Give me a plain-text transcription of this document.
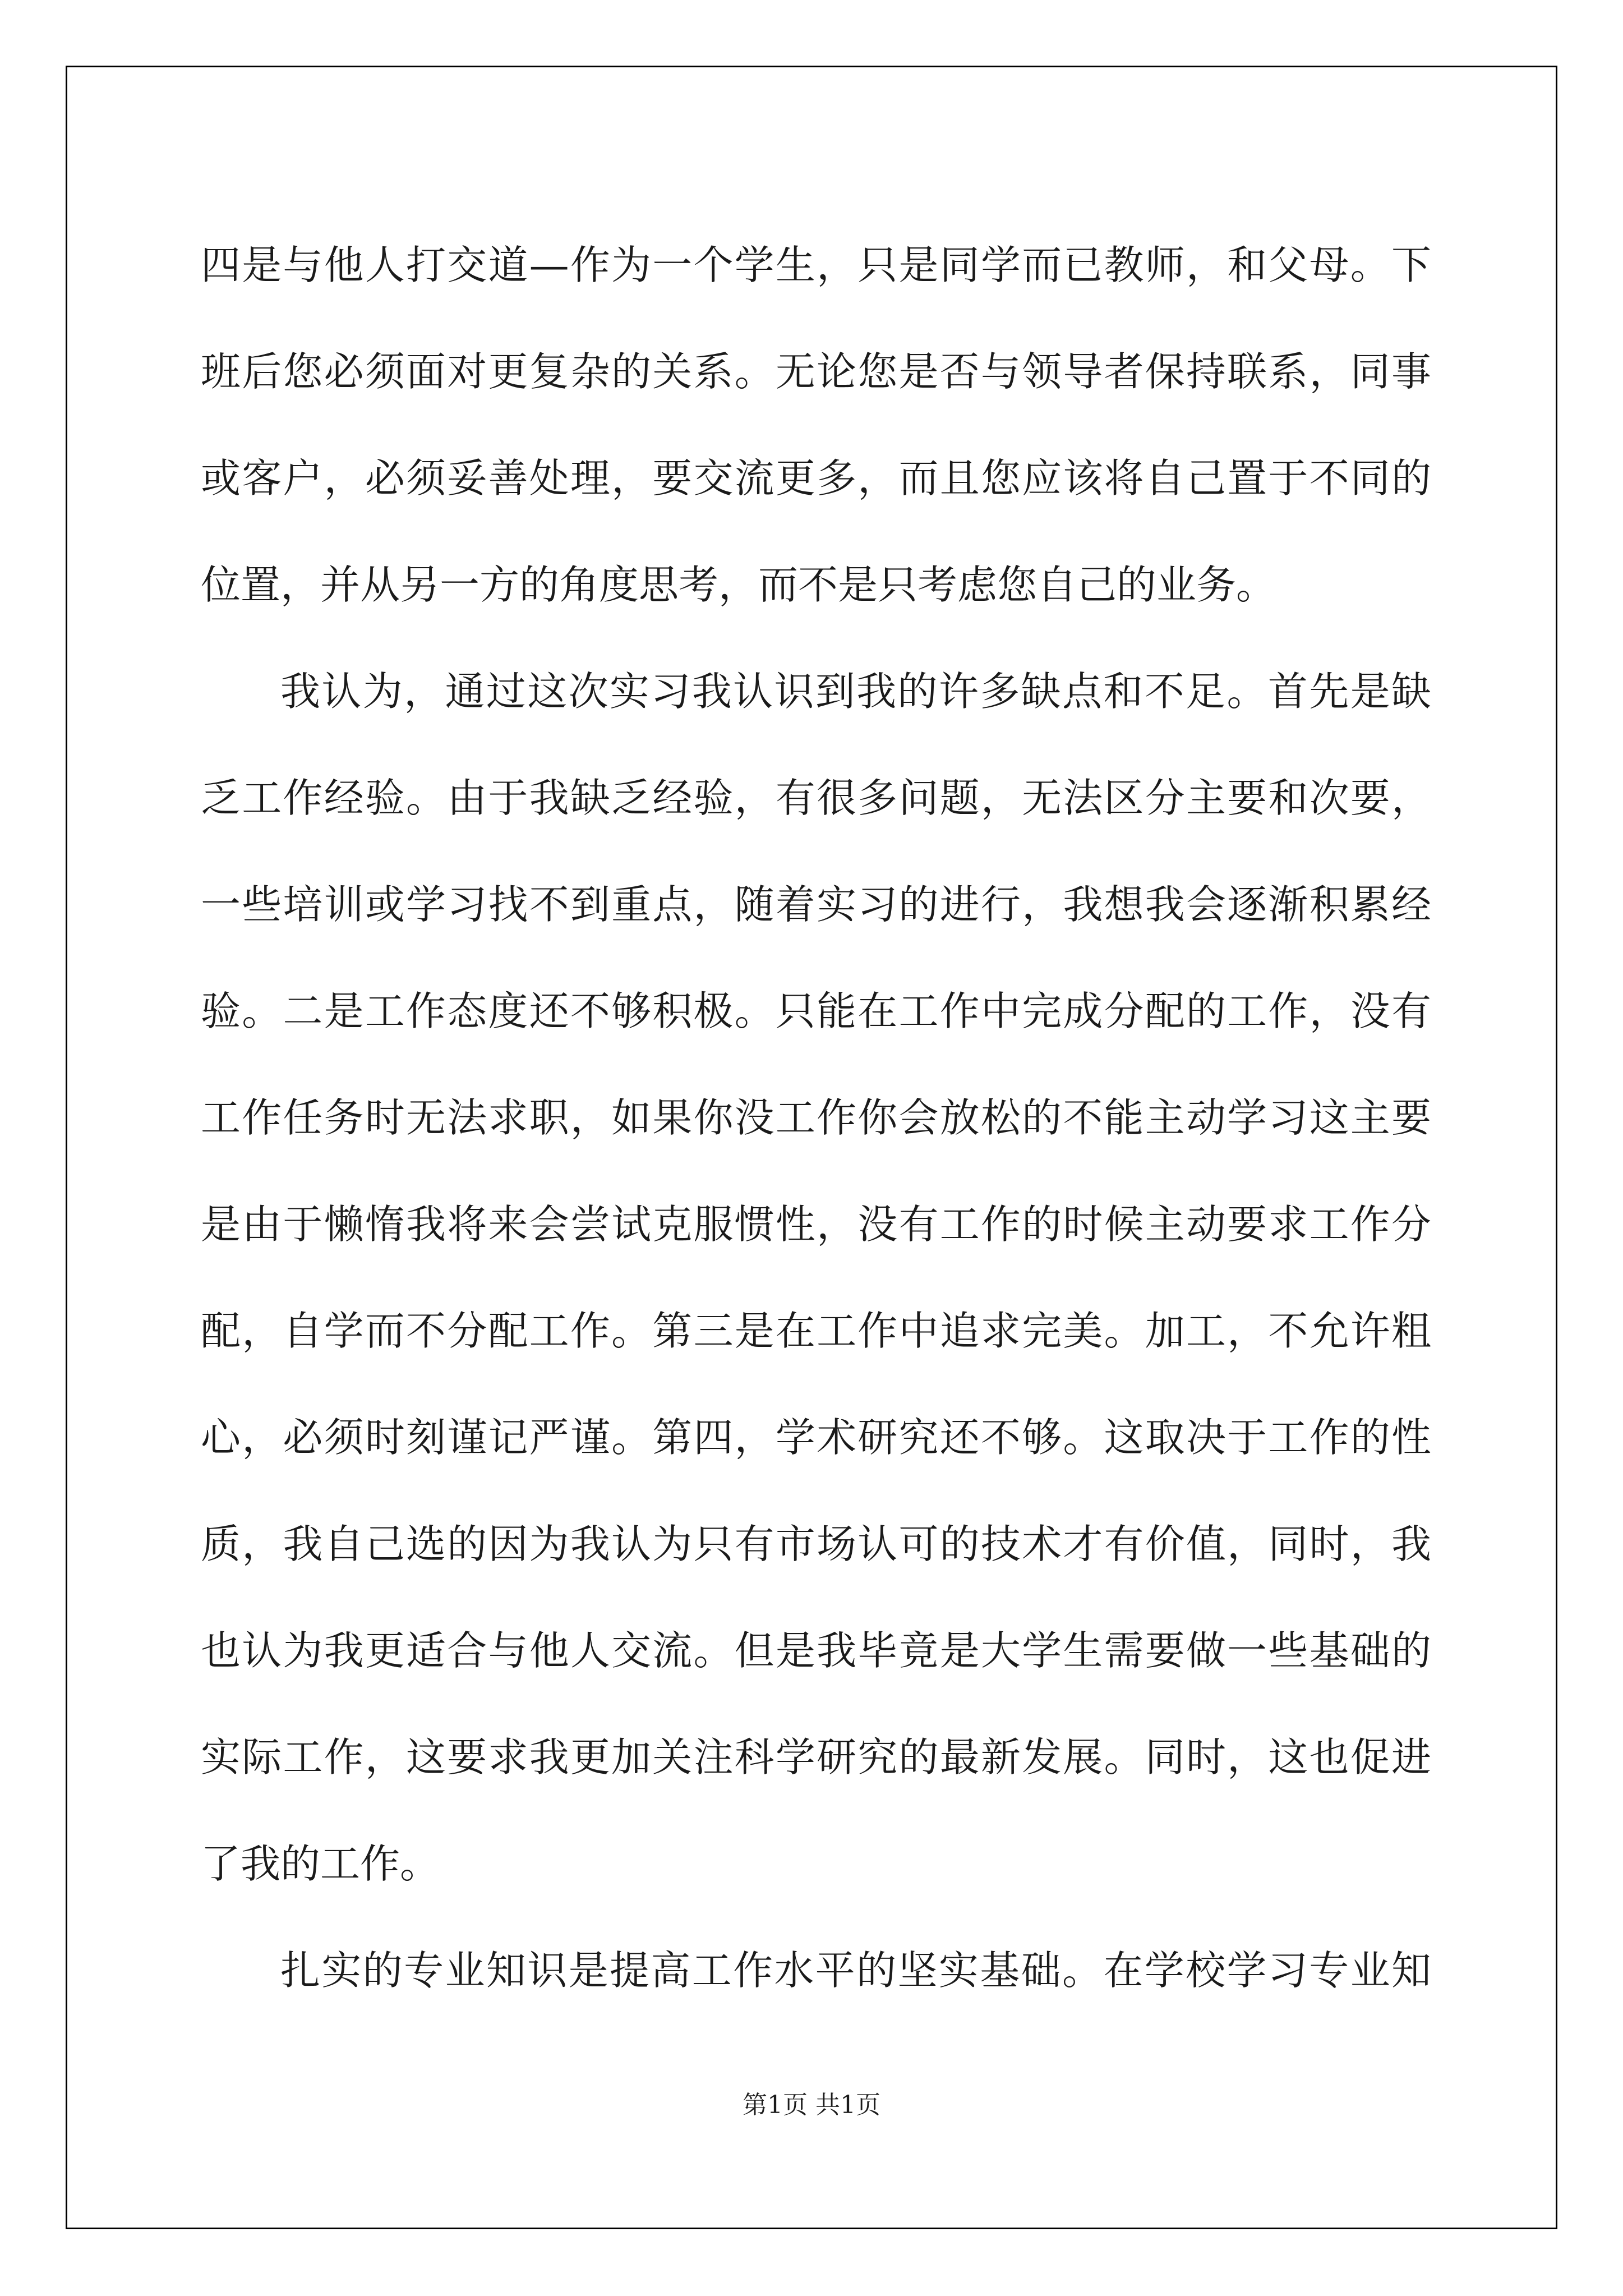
四是与他人打交道—作为一个学生，只是同学而已教师，和父母。下
班后您必须面对更复杂的关系。无论您是否与领导者保持联系，同事
或客户，必须妥善处理，要交流更多，而且您应该将自己置于不同的
位置，并从另一方的角度思考，而不是只考虑您自己的业务。
我认为，通过这次实习我认识到我的许多缺点和不足。首先是缺
乏工作经验。由于我缺乏经验，有很多问题，无法区分主要和次要，
一些培训或学习找不到重点，随着实习的进行，我想我会逐渐积累经
验。二是工作态度还不够积极。只能在工作中完成分配的工作，没有
工作任务时无法求职，如果你没工作你会放松的不能主动学习这主要
是由于懒惰我将来会尝试克服惯性，没有工作的时候主动要求工作分
配，自学而不分配工作。第三是在工作中追求完美。加工，不允许粗
心，必须时刻谨记严谨。第四，学术研究还不够。这取决于工作的性
质，我自己选的因为我认为只有市场认可的技术才有价值，同时，我
也认为我更适合与他人交流。但是我毕竟是大学生需要做一些基础的
实际工作，这要求我更加关注科学研究的最新发展。同时，这也促进
了我的工作。
扎实的专业知识是提高工作水平的坚实基础。在学校学习专业知
第1页 共1页
